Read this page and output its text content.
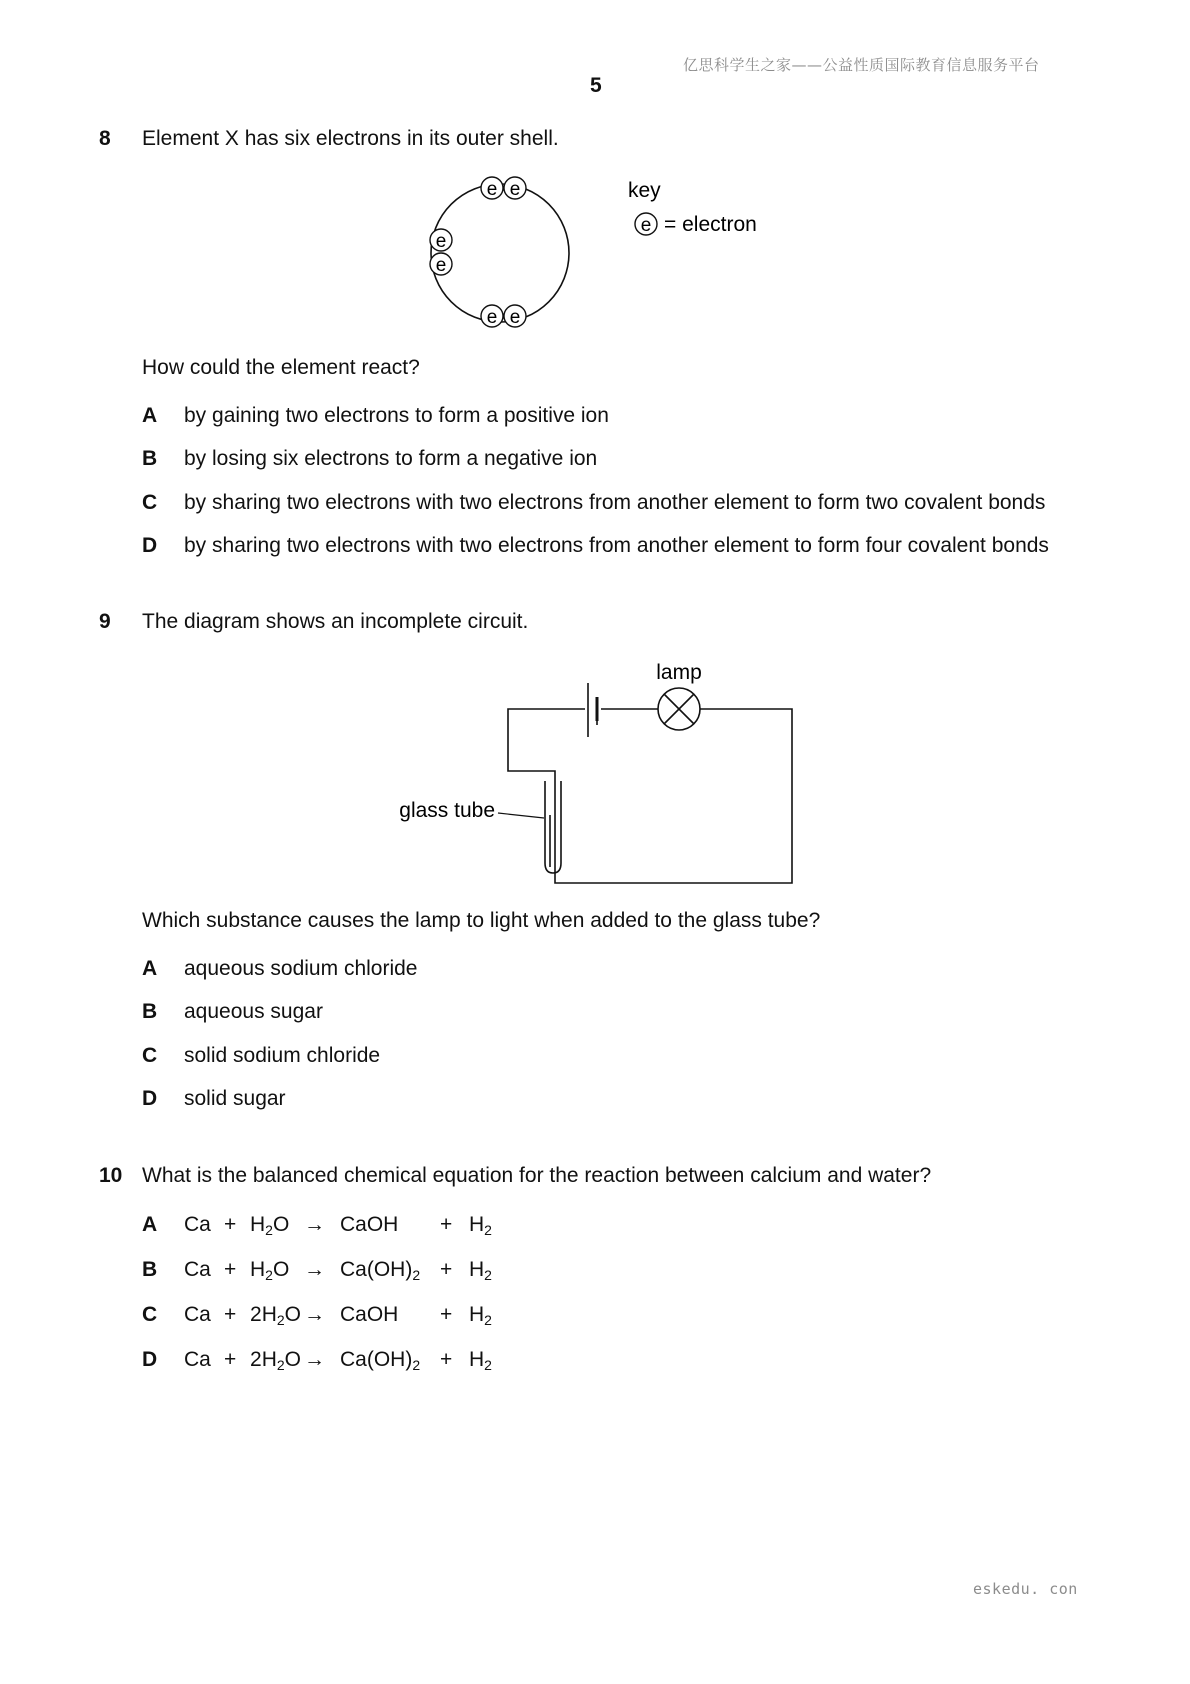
亿思科学生之家——公益性质国际教育信息服务平台
5
8 Element X has six electrons in its outer shell.
e e
e
e
e e
key
e = electron
How could the element react?
A by gaining two electrons to form a positive ion
B by losing six electrons to form a negative ion
C by sharing two electrons with two electrons from another element to form two covalent bonds
D by sharing two electrons with two electrons from another element to form four covalent bonds
9 The diagram shows an incomplete circuit.
lamp
glass tube
Which substance causes the lamp to light when added to the glass tube?
A aqueous sodium chloride
B aqueous sugar
C solid sodium chloride
D solid sugar
10 What is the balanced chemical equation for the reaction between calcium and water?
A $Ca + H_2O$ → CaOH + $H_2$
B $Ca + H_2O \to Ca(OH)_2 + H_2$
C $Ca + 2H_2O$ → CaOH + $H_2$
D $Ca + 2H_2O \to Ca(OH)_2 + H_2$
eskedu. con
